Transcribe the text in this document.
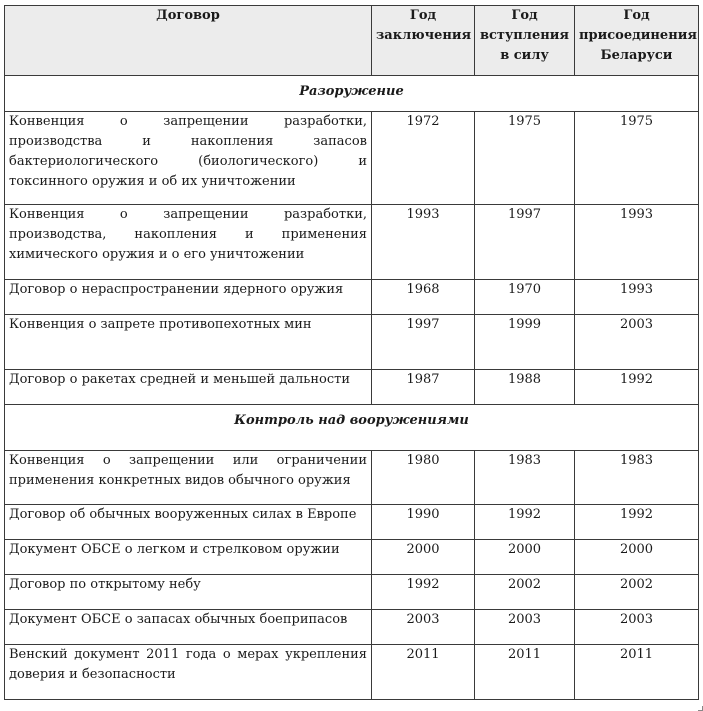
Договор	Год заключения	Год вступления в силу	Год присоединения Беларуси
Разоружение			
Конвенция о запрещении разработки, производства и накопления запасов бактериологического (биологического) и токсинного оружия и об их уничтожении	1972	1975	1975
Конвенция о запрещении разработки, производства, накопления и применения химического оружия и о его уничтожении	1993	1997	1993
Договор о нераспространении ядерного оружия	1968	1970	1993
Конвенция о запрете противопехотных мин	1997	1999	2003
Договор о ракетах средней и меньшей дальности	1987	1988	1992
Контроль над вооружениями			
Конвенция о запрещении или ограничении применения конкретных видов обычного оружия	1980	1983	1983
Договор об обычных вооруженных силах в Европе	1990	1992	1992
Документ ОБСЕ о легком и стрелковом оружии	2000	2000	2000
Договор по открытому небу	1992	2002	2002
Документ ОБСЕ о запасах обычных боеприпасов	2003	2003	2003
Венский документ 2011 года о мерах укрепления доверия и безопасности	2011	2011	2011
